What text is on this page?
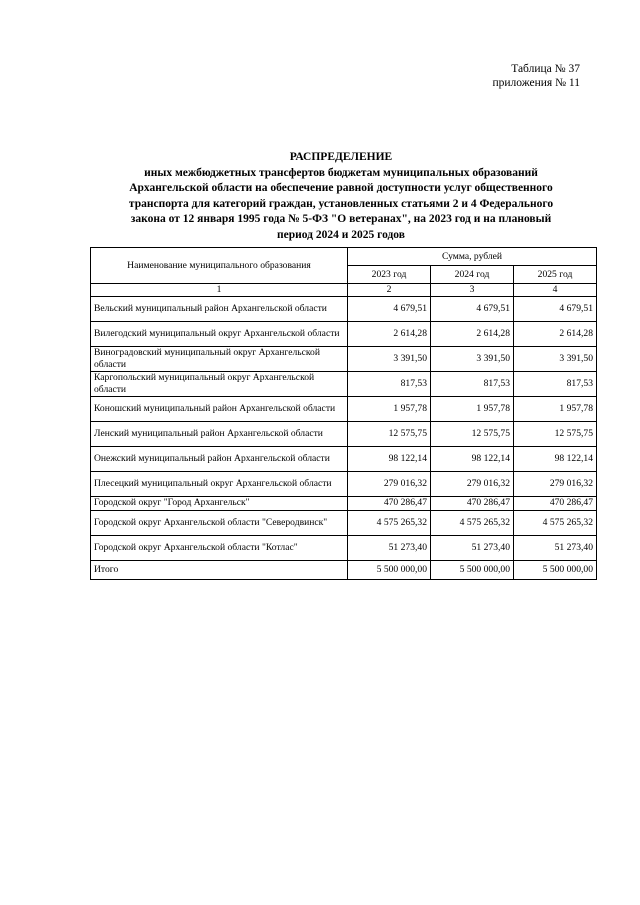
Таблица № 37
приложения № 11
РАСПРЕДЕЛЕНИЕ
иных межбюджетных трансфертов бюджетам муниципальных образований
Архангельской области на обеспечение равной доступности услуг общественного
транспорта для категорий граждан, установленных статьями 2 и 4 Федерального
закона от 12 января 1995 года № 5-ФЗ "О ветеранах", на 2023 год и на плановый
период 2024 и 2025 годов
Наименование муниципального образования	Сумма, рублей		
	2023 год	2024 год	2025 год
1	2	3	4
Вельский муниципальный район Архангельской области	4 679,51	4 679,51	4 679,51
Вилегодский муниципальный округ Архангельской области	2 614,28	2 614,28	2 614,28
Виноградовский муниципальный округ Архангельской области	3 391,50	3 391,50	3 391,50
Каргопольский муниципальный округ Архангельской области	817,53	817,53	817,53
Коношский муниципальный район Архангельской области	1 957,78	1 957,78	1 957,78
Ленский муниципальный район Архангельской области	12 575,75	12 575,75	12 575,75
Онежский муниципальный район Архангельской области	98 122,14	98 122,14	98 122,14
Плесецкий муниципальный округ Архангельской области	279 016,32	279 016,32	279 016,32
Городской округ "Город Архангельск"	470 286,47	470 286,47	470 286,47
Городской округ Архангельской области "Северодвинск"	4 575 265,32	4 575 265,32	4 575 265,32
Городской округ Архангельской области "Котлас"	51 273,40	51 273,40	51 273,40
Итого	5 500 000,00	5 500 000,00	5 500 000,00
